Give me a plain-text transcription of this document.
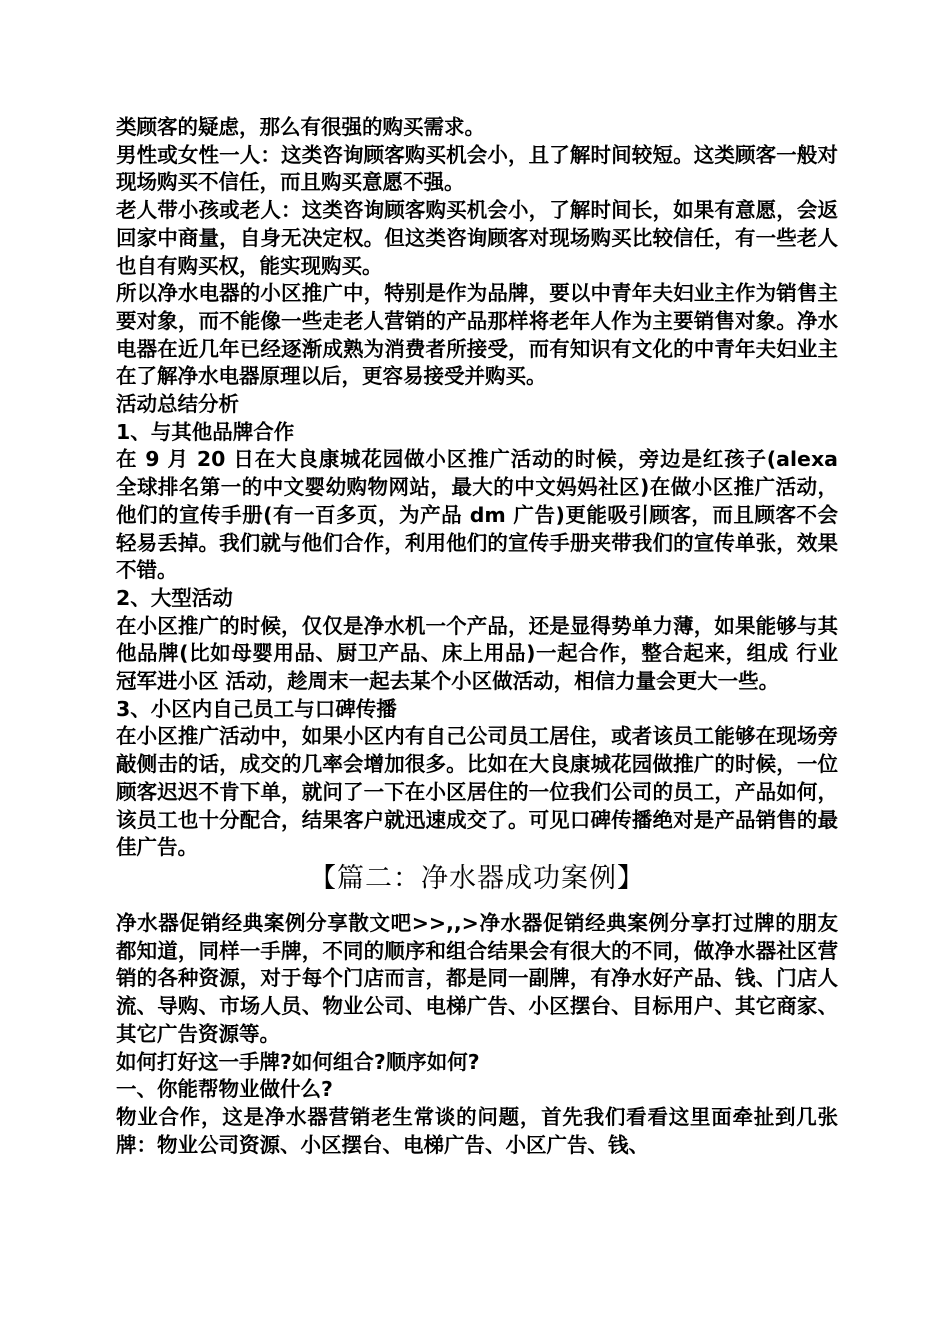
类顾客的疑虑，那么有很强的购买需求。

男性或女性一人：这类咨询顾客购买机会小，且了解时间较短。这类顾客一般对现场购买不信任，而且购买意愿不强。

老人带小孩或老人：这类咨询顾客购买机会小，了解时间长，如果有意愿，会返回家中商量，自身无决定权。但这类咨询顾客对现场购买比较信任，有一些老人也自有购买权，能实现购买。

所以净水电器的小区推广中，特别是作为品牌，要以中青年夫妇业主作为销售主要对象，而不能像一些走老人营销的产品那样将老年人作为主要销售对象。净水电器在近几年已经逐渐成熟为消费者所接受，而有知识有文化的中青年夫妇业主在了解净水电器原理以后，更容易接受并购买。

活动总结分析

1、与其他品牌合作

在 9 月 20 日在大良康城花园做小区推广活动的时候，旁边是红孩子(alexa 全球排名第一的中文婴幼购物网站，最大的中文妈妈社区)在做小区推广活动，他们的宣传手册(有一百多页，为产品 dm 广告)更能吸引顾客，而且顾客不会轻易丢掉。我们就与他们合作，利用他们的宣传手册夹带我们的宣传单张，效果不错。

2、大型活动

在小区推广的时候，仅仅是净水机一个产品，还是显得势单力薄，如果能够与其他品牌(比如母婴用品、厨卫产品、床上用品)一起合作，整合起来，组成 行业冠军进小区 活动，趁周末一起去某个小区做活动，相信力量会更大一些。

3、小区内自己员工与口碑传播

在小区推广活动中，如果小区内有自己公司员工居住，或者该员工能够在现场旁敲侧击的话，成交的几率会增加很多。比如在大良康城花园做推广的时候，一位顾客迟迟不肯下单，就问了一下在小区居住的一位我们公司的员工，产品如何，该员工也十分配合，结果客户就迅速成交了。可见口碑传播绝对是产品销售的最佳广告。

【篇二：净水器成功案例】

净水器促销经典案例分享散文吧>>,,>净水器促销经典案例分享打过牌的朋友都知道，同样一手牌，不同的顺序和组合结果会有很大的不同，做净水器社区营销的各种资源，对于每个门店而言，都是同一副牌，有净水好产品、钱、门店人流、导购、市场人员、物业公司、电梯广告、小区摆台、目标用户、其它商家、其它广告资源等。

如何打好这一手牌?如何组合?顺序如何?

一、你能帮物业做什么?

物业合作，这是净水器营销老生常谈的问题，首先我们看看这里面牵扯到几张牌：物业公司资源、小区摆台、电梯广告、小区广告、钱、
